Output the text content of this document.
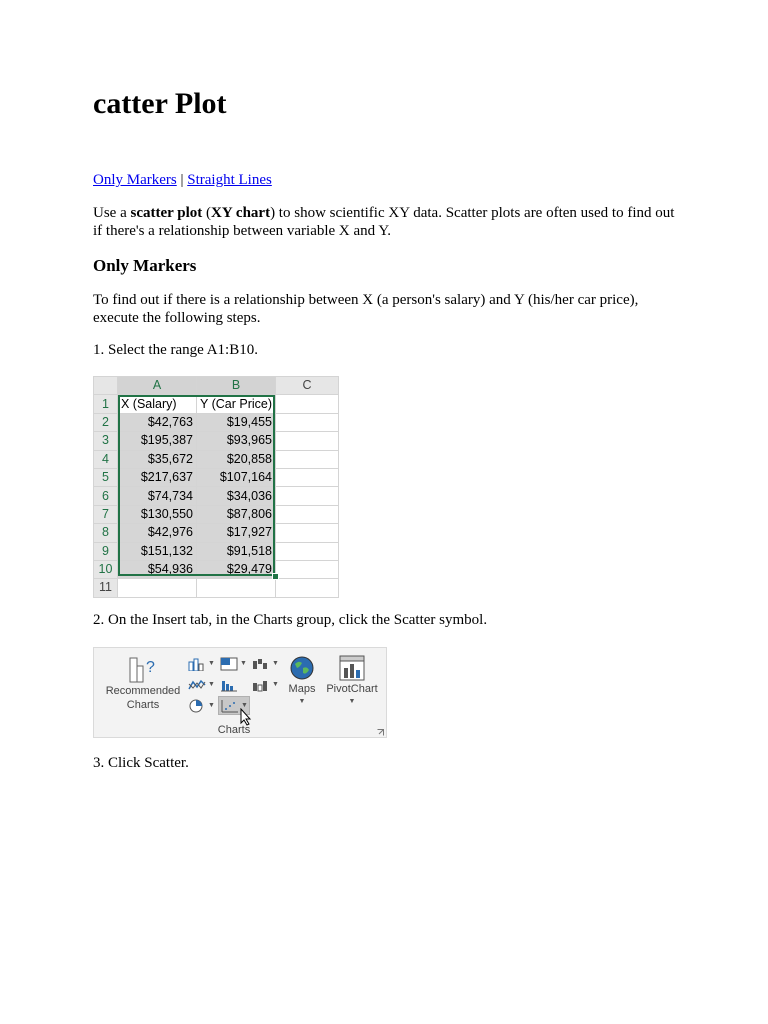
catter Plot
Only Markers | Straight Lines

Use a scatter plot (XY chart) to show scientific XY data. Scatter plots are often used to find out if there's a relationship between variable X and Y.

Only Markers

To find out if there is a relationship between X (a person's salary) and Y (his/her car price), execute the following steps.

1. Select the range A1:B10.

	A	B	C
1	X (Salary)	Y (Car Price)	
2	$42,763	$19,455	
3	$195,387	$93,965	
4	$35,672	$20,858	
5	$217,637	$107,164	
6	$74,734	$34,036	
7	$130,550	$87,806	
8	$42,976	$17,927	
9	$151,132	$91,518	
10	$54,936	$29,479	
11			

2. On the Insert tab, in the Charts group, click the Scatter symbol.

?
Recommended
Charts
▼	▼	▼
▼	▼
▼	▼
Maps
▼
PivotChart
▼
Charts

3. Click Scatter.
